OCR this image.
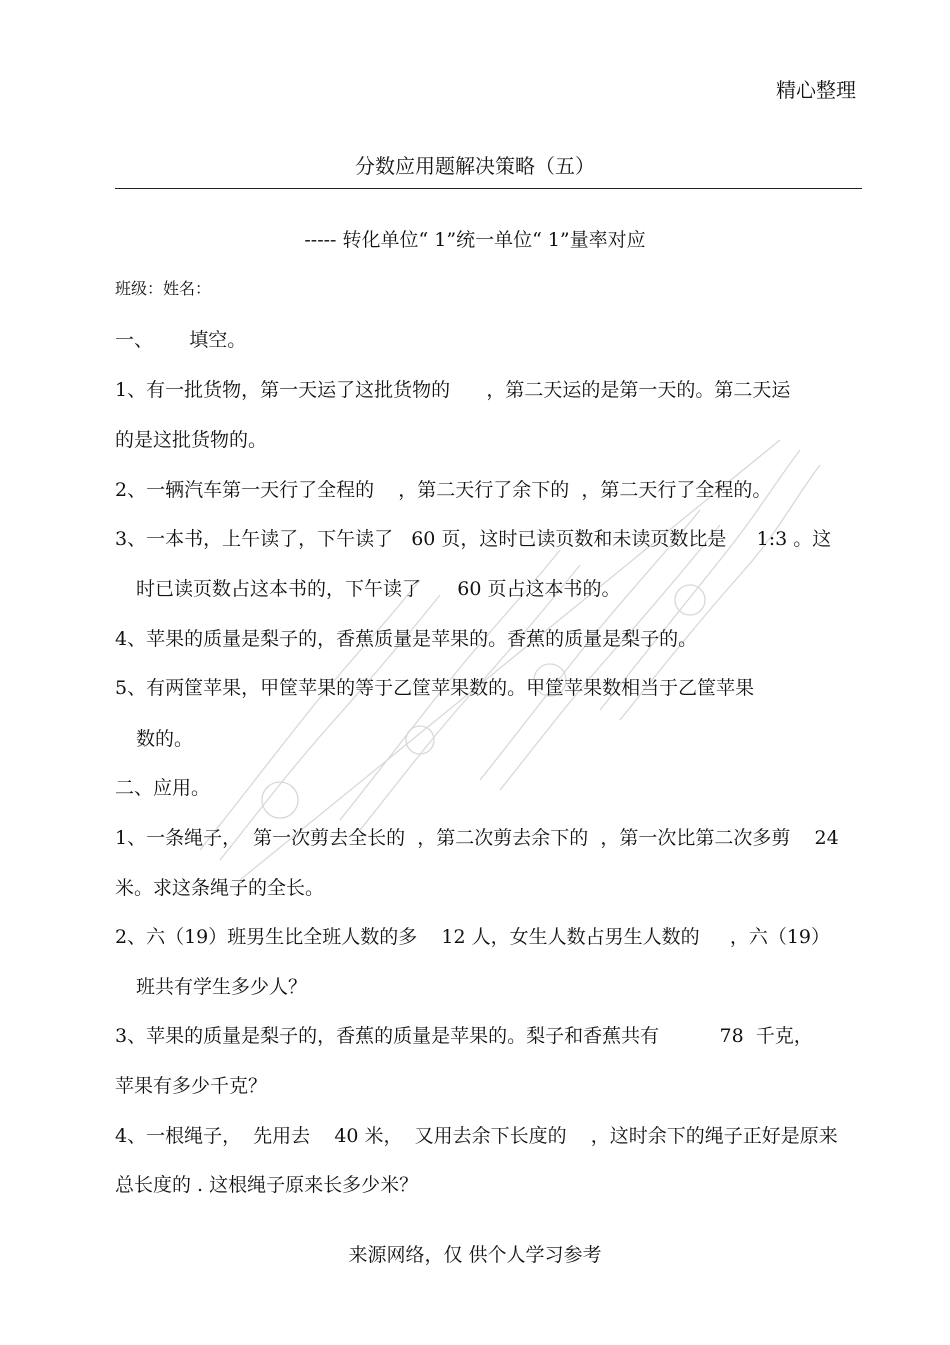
精心整理
分数应用题解决策略（五）
----- 转化单位“ 1”统一单位“ 1”量率对应
班级：姓名：
一、      填空。
1、有一批货物，第一天运了这批货物的      ，第二天运的是第一天的。第二天运
的是这批货物的。
2、一辆汽车第一天行了全程的    ，第二天行了余下的  ，第二天行了全程的。
3、一本书，上午读了，下午读了   60 页，这时已读页数和未读页数比是     1:3 。这
时已读页数占这本书的，下午读了      60 页占这本书的。
4、苹果的质量是梨子的，香蕉质量是苹果的。香蕉的质量是梨子的。
5、有两筐苹果，甲筐苹果的等于乙筐苹果数的。甲筐苹果数相当于乙筐苹果
数的。
二、应用。
1、一条绳子，  第一次剪去全长的  ，第二次剪去余下的  ，第一次比第二次多剪    24
米。求这条绳子的全长。
2、六（19）班男生比全班人数的多    12 人，女生人数占男生人数的     ，六（19）
班共有学生多少人？
3、苹果的质量是梨子的，香蕉的质量是苹果的。梨子和香蕉共有          78  千克，
苹果有多少千克？
4、一根绳子，  先用去    40 米，  又用去余下长度的    ，这时余下的绳子正好是原来
总长度的 . 这根绳子原来长多少米？
来源网络，仅 供个人学习参考
